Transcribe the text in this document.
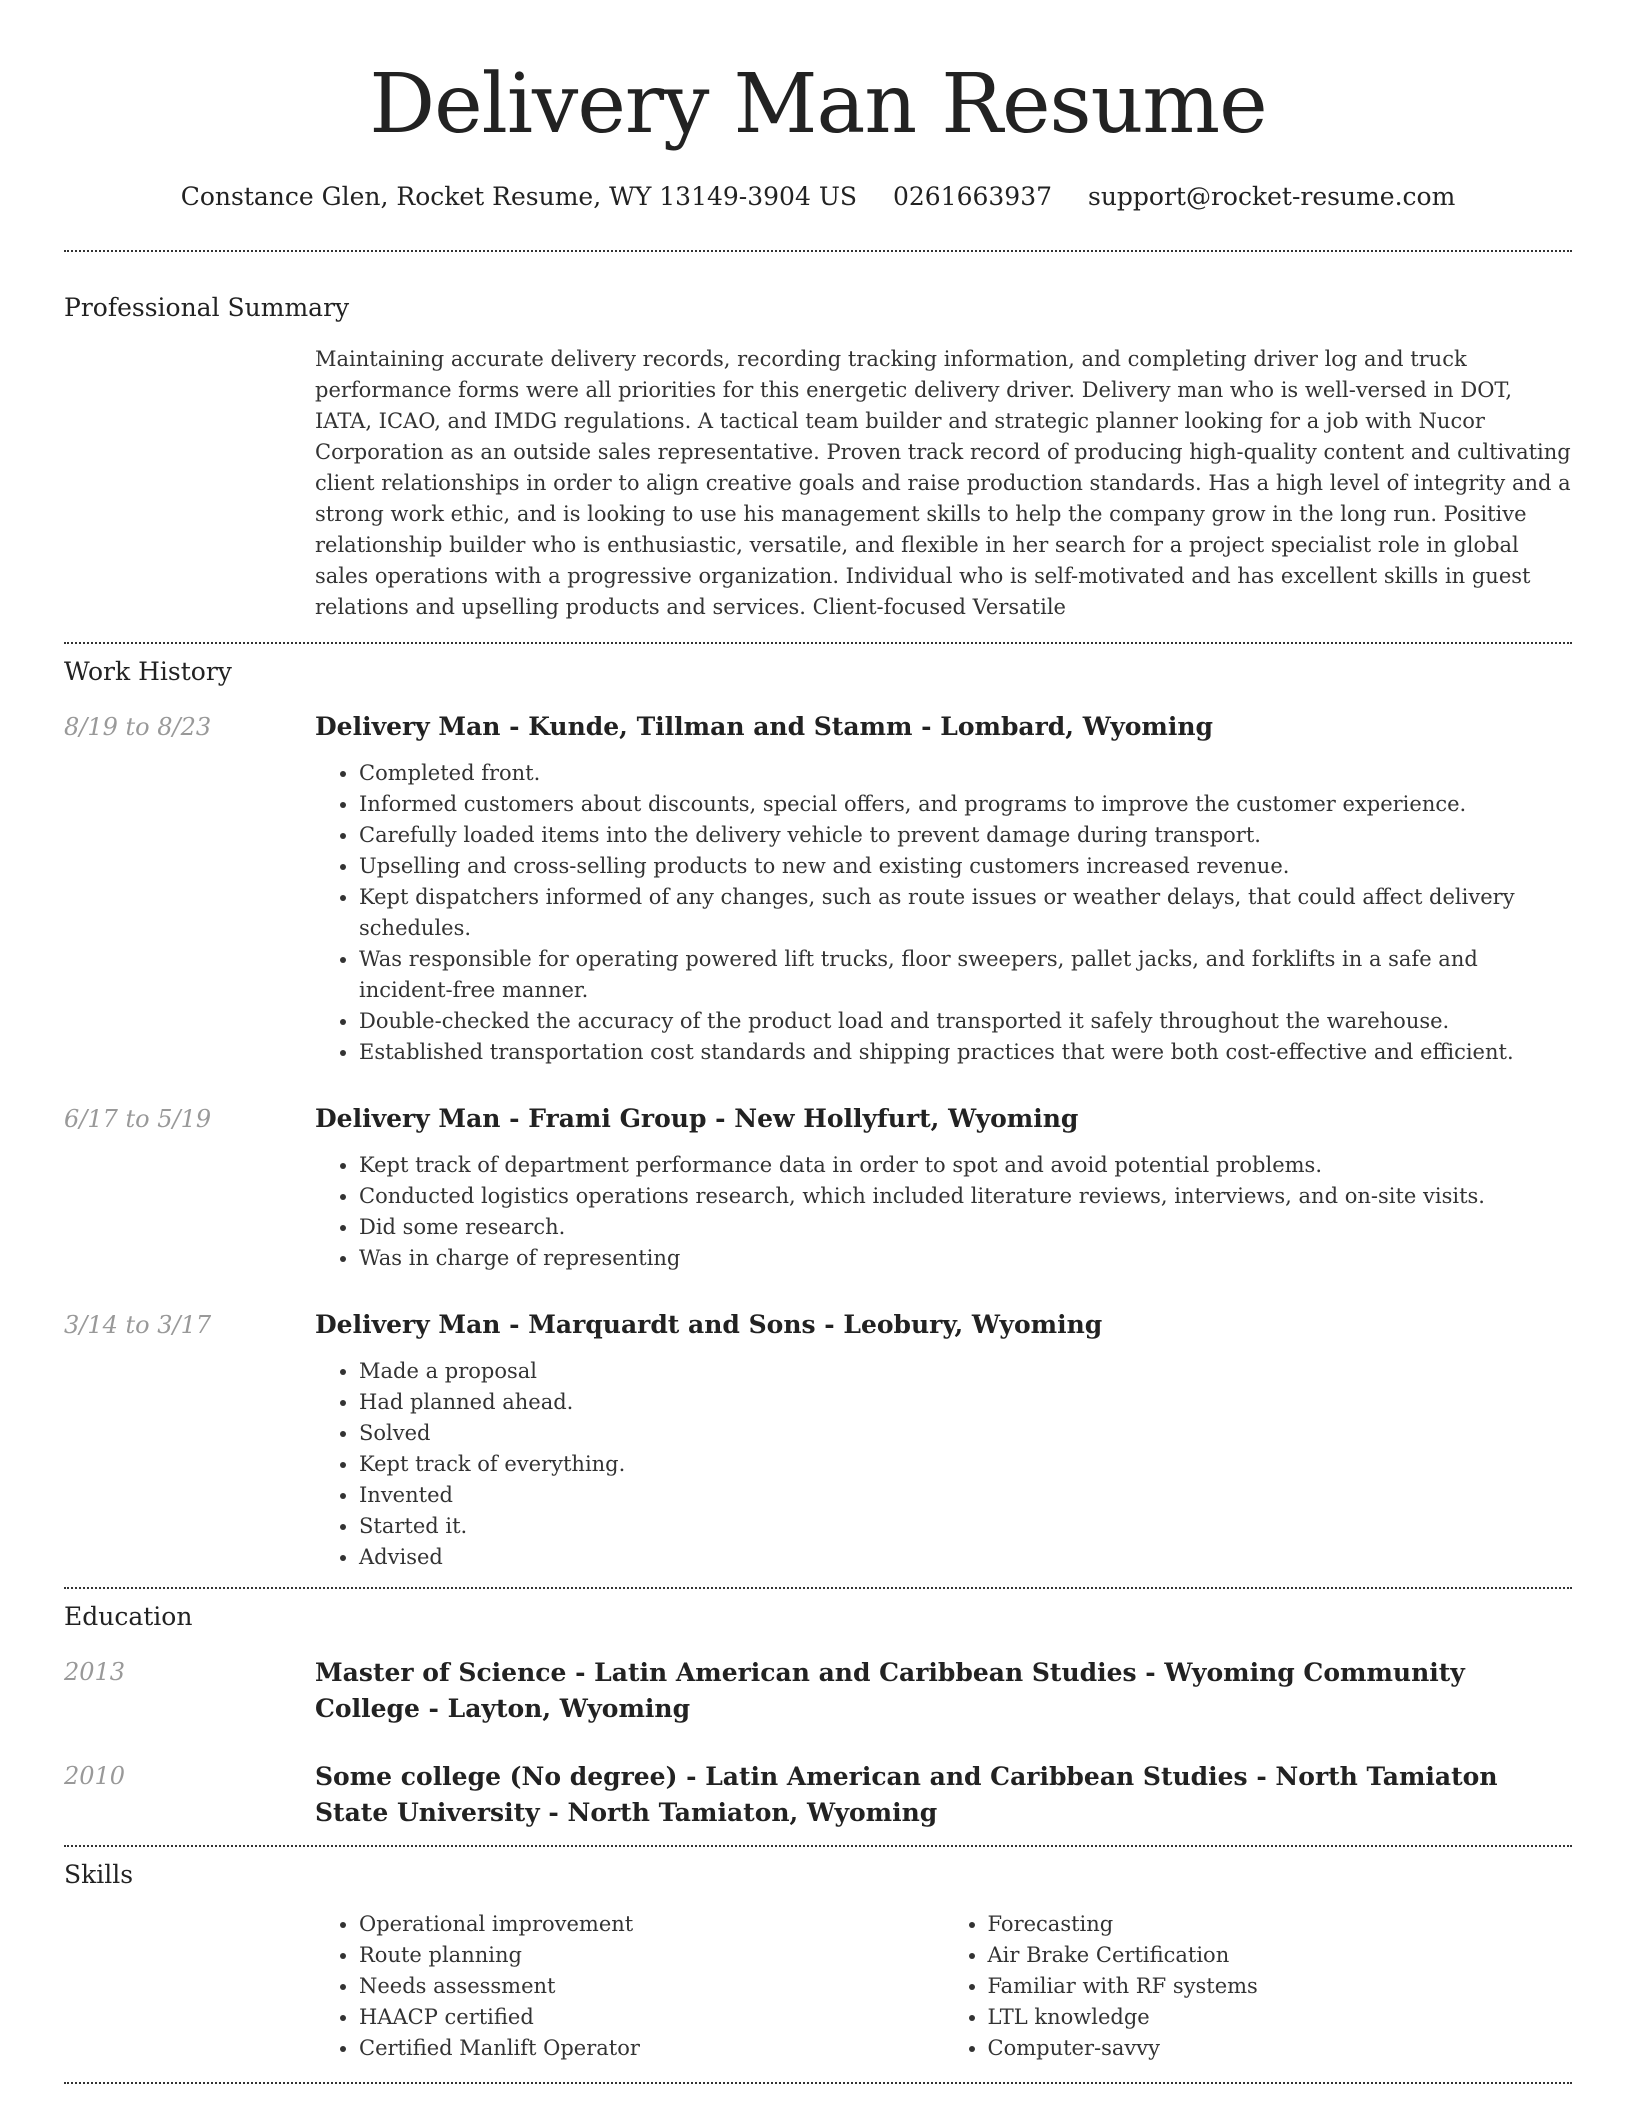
Delivery Man Resume
Constance Glen, Rocket Resume, WY 13149-3904 US 0261663937 support@rocket-resume.com
Professional Summary

Maintaining accurate delivery records, recording tracking information, and completing driver log and truck performance forms were all priorities for this energetic delivery driver. Delivery man who is well-versed in DOT, IATA, ICAO, and IMDG regulations. A tactical team builder and strategic planner looking for a job with Nucor Corporation as an outside sales representative. Proven track record of producing high-quality content and cultivating client relationships in order to align creative goals and raise production standards. Has a high level of integrity and a strong work ethic, and is looking to use his management skills to help the company grow in the long run. Positive relationship builder who is enthusiastic, versatile, and flexible in her search for a project specialist role in global sales operations with a progressive organization. Individual who is self-motivated and has excellent skills in guest relations and upselling products and services. Client-focused Versatile

Work History
8/19 to 8/23	Delivery Man - Kunde, Tillman and Stamm - Lombard, Wyoming
• Completed front.
• Informed customers about discounts, special offers, and programs to improve the customer experience.
• Carefully loaded items into the delivery vehicle to prevent damage during transport.
• Upselling and cross-selling products to new and existing customers increased revenue.
• Kept dispatchers informed of any changes, such as route issues or weather delays, that could affect delivery schedules.
• Was responsible for operating powered lift trucks, floor sweepers, pallet jacks, and forklifts in a safe and incident-free manner.
• Double-checked the accuracy of the product load and transported it safely throughout the warehouse.
• Established transportation cost standards and shipping practices that were both cost-effective and efficient.
6/17 to 5/19	Delivery Man - Frami Group - New Hollyfurt, Wyoming
• Kept track of department performance data in order to spot and avoid potential problems.
• Conducted logistics operations research, which included literature reviews, interviews, and on-site visits.
• Did some research.
• Was in charge of representing
3/14 to 3/17	Delivery Man - Marquardt and Sons - Leobury, Wyoming
• Made a proposal
• Had planned ahead.
• Solved
• Kept track of everything.
• Invented
• Started it.
• Advised
Education
2013	Master of Science - Latin American and Caribbean Studies - Wyoming Community College - Layton, Wyoming
2010	Some college (No degree) - Latin American and Caribbean Studies - North Tamiaton State University - North Tamiaton, Wyoming
Skills
• Operational improvement
• Route planning
• Needs assessment
• HAACP certified
• Certified Manlift Operator
• Forecasting
• Air Brake Certification
• Familiar with RF systems
• LTL knowledge
• Computer-savvy
